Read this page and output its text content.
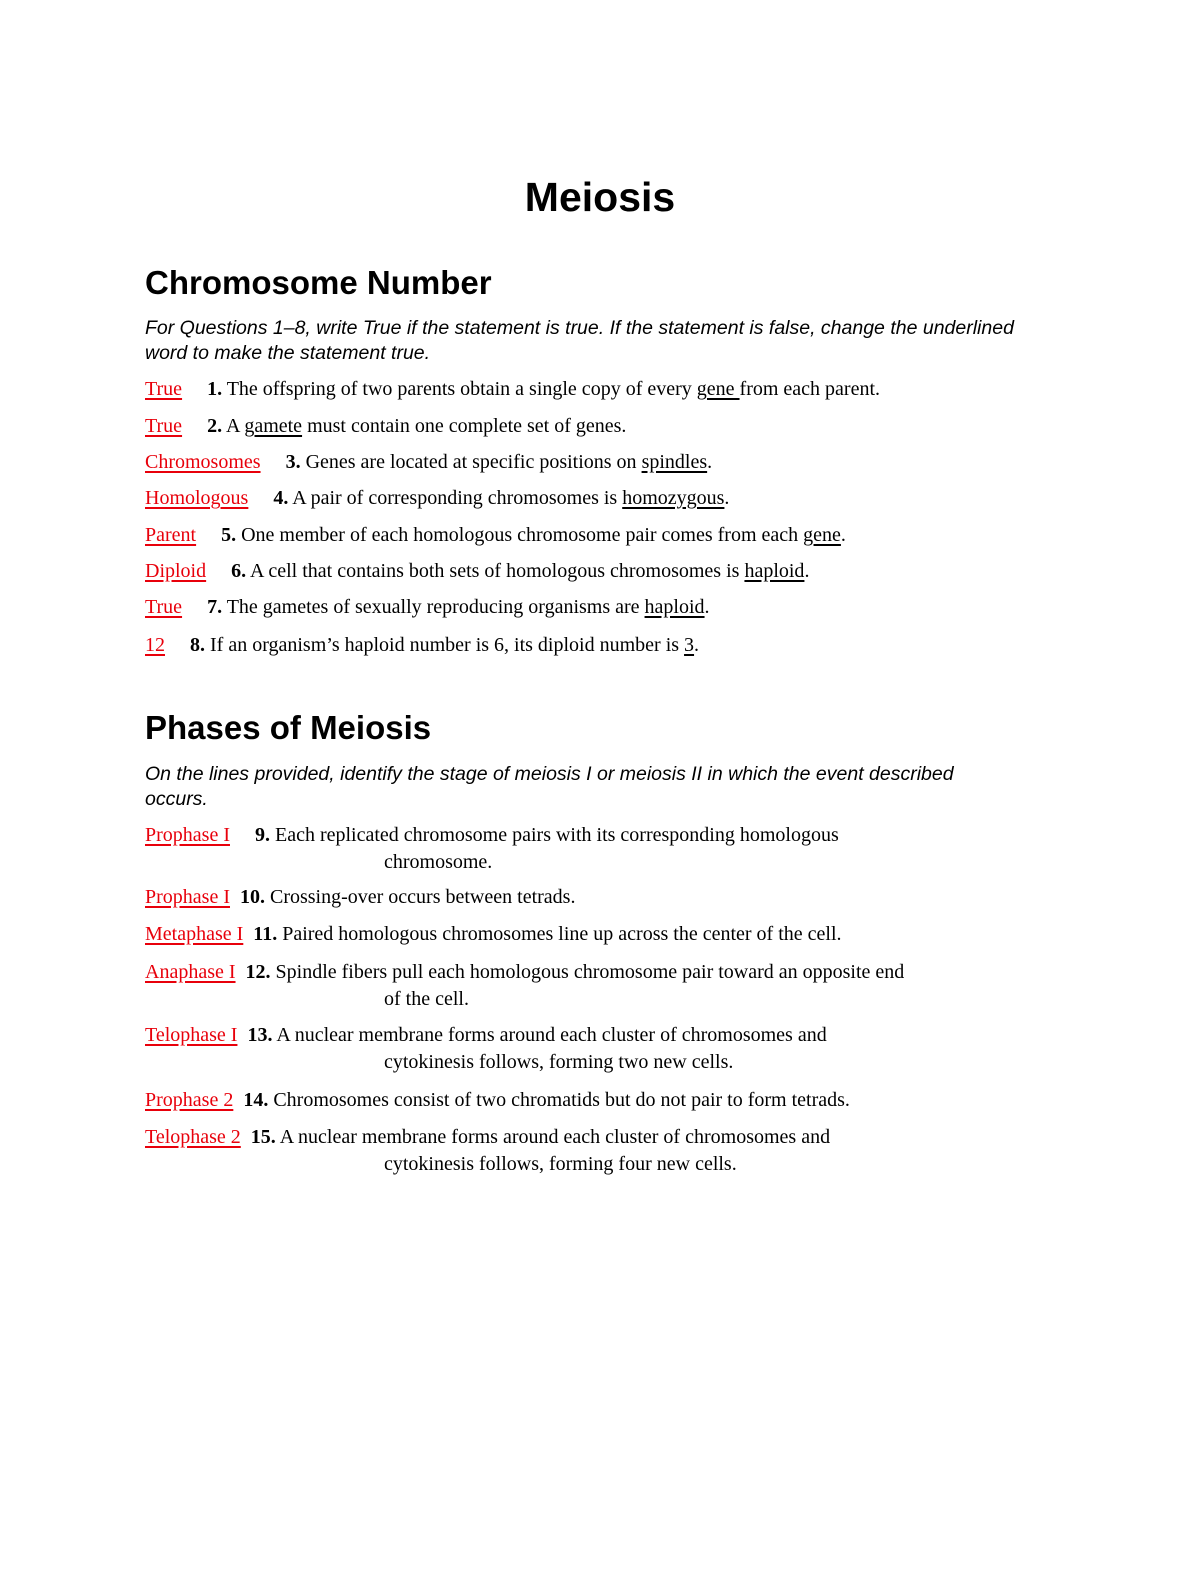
Meiosis
Chromosome Number
For Questions 1–8, write True if the statement is true. If the statement is false, change the underlined word to make the statement true.
True 1. The offspring of two parents obtain a single copy of every gene from each parent.
True 2. A gamete must contain one complete set of genes.
Chromosomes 3. Genes are located at specific positions on spindles.
Homologous 4. A pair of corresponding chromosomes is homozygous.
Parent 5. One member of each homologous chromosome pair comes from each gene.
Diploid 6. A cell that contains both sets of homologous chromosomes is haploid.
True 7. The gametes of sexually reproducing organisms are haploid.
12 8. If an organism’s haploid number is 6, its diploid number is 3.
Phases of Meiosis
On the lines provided, identify the stage of meiosis I or meiosis II in which the event described occurs.
Prophase I 9. Each replicated chromosome pairs with its corresponding homologous
chromosome.
Prophase I 10. Crossing-over occurs between tetrads.
Metaphase I 11. Paired homologous chromosomes line up across the center of the cell.
Anaphase I 12. Spindle fibers pull each homologous chromosome pair toward an opposite end
of the cell.
Telophase I 13. A nuclear membrane forms around each cluster of chromosomes and
cytokinesis follows, forming two new cells.
Prophase 2 14. Chromosomes consist of two chromatids but do not pair to form tetrads.
Telophase 2 15. A nuclear membrane forms around each cluster of chromosomes and
cytokinesis follows, forming four new cells.
